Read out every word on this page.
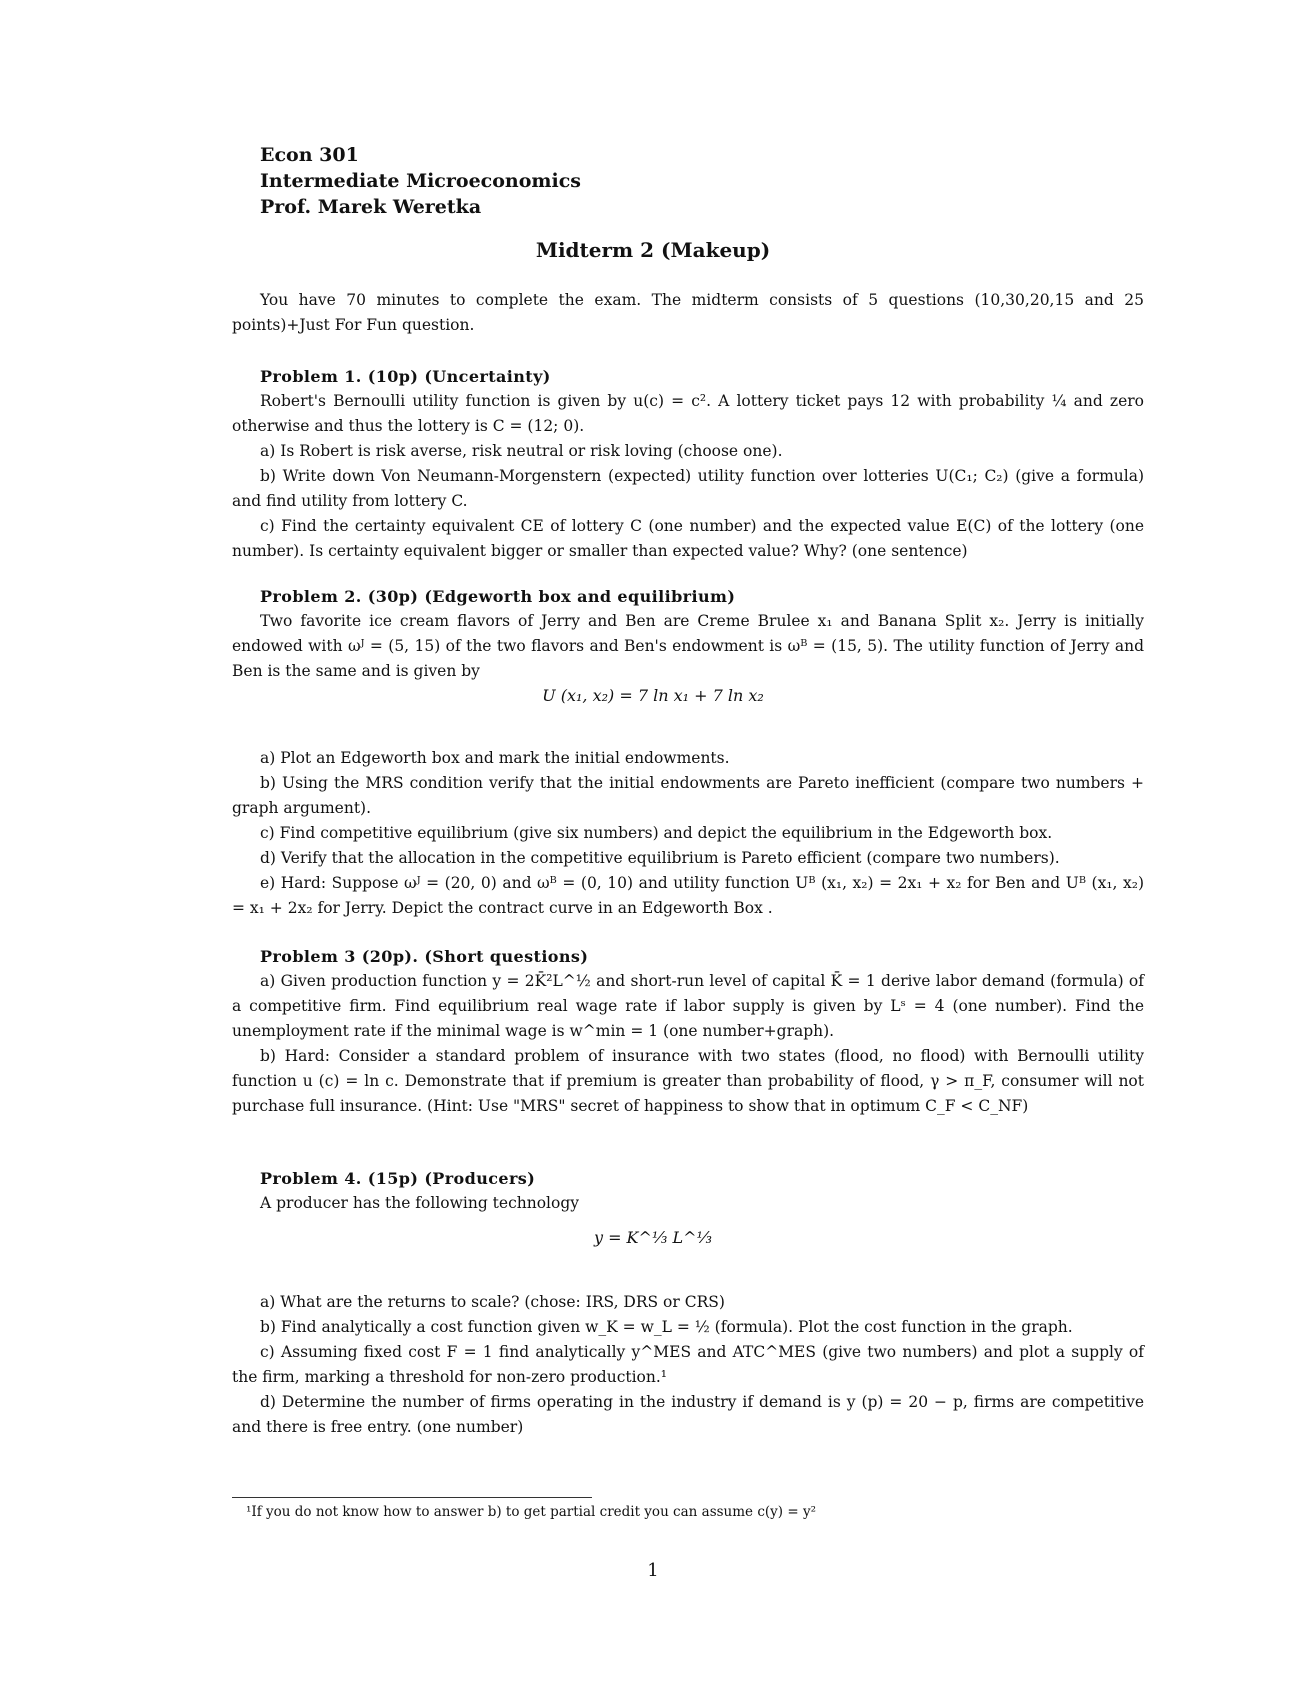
Econ 301
Intermediate Microeconomics
Prof. Marek Weretka
Midterm 2 (Makeup)

You have 70 minutes to complete the exam. The midterm consists of 5 questions (10,30,20,15 and 25 points)+Just For Fun question.

Problem 1. (10p) (Uncertainty)

Robert's Bernoulli utility function is given by u(c) = c². A lottery ticket pays 12 with probability ¼ and zero otherwise and thus the lottery is C = (12; 0).

a) Is Robert is risk averse, risk neutral or risk loving (choose one).

b) Write down Von Neumann-Morgenstern (expected) utility function over lotteries U(C₁; C₂) (give a formula) and find utility from lottery C.

c) Find the certainty equivalent CE of lottery C (one number) and the expected value E(C) of the lottery (one number). Is certainty equivalent bigger or smaller than expected value? Why? (one sentence)

Problem 2. (30p) (Edgeworth box and equilibrium)

Two favorite ice cream flavors of Jerry and Ben are Creme Brulee x₁ and Banana Split x₂. Jerry is initially endowed with ωᴶ = (5, 15) of the two flavors and Ben's endowment is ωᴮ = (15, 5). The utility function of Jerry and Ben is the same and is given by

U (x₁, x₂) = 7 ln x₁ + 7 ln x₂

a) Plot an Edgeworth box and mark the initial endowments.

b) Using the MRS condition verify that the initial endowments are Pareto inefficient (compare two numbers + graph argument).

c) Find competitive equilibrium (give six numbers) and depict the equilibrium in the Edgeworth box.

d) Verify that the allocation in the competitive equilibrium is Pareto efficient (compare two numbers).

e) Hard: Suppose ωᴶ = (20, 0) and ωᴮ = (0, 10) and utility function Uᴮ (x₁, x₂) = 2x₁ + x₂ for Ben and Uᴮ (x₁, x₂) = x₁ + 2x₂ for Jerry. Depict the contract curve in an Edgeworth Box .

Problem 3 (20p). (Short questions)

a) Given production function y = 2K̄²L^½ and short-run level of capital K̄ = 1 derive labor demand (formula) of a competitive firm. Find equilibrium real wage rate if labor supply is given by Lˢ = 4 (one number). Find the unemployment rate if the minimal wage is w^min = 1 (one number+graph).

b) Hard: Consider a standard problem of insurance with two states (flood, no flood) with Bernoulli utility function u (c) = ln c. Demonstrate that if premium is greater than probability of flood, γ > π_F, consumer will not purchase full insurance. (Hint: Use "MRS" secret of happiness to show that in optimum C_F < C_NF)

Problem 4. (15p) (Producers)

A producer has the following technology

y = K^⅓ L^⅓

a) What are the returns to scale? (chose: IRS, DRS or CRS)

b) Find analytically a cost function given w_K = w_L = ½ (formula). Plot the cost function in the graph.

c) Assuming fixed cost F = 1 find analytically y^MES and ATC^MES (give two numbers) and plot a supply of the firm, marking a threshold for non-zero production.¹

d) Determine the number of firms operating in the industry if demand is y (p) = 20 − p, firms are competitive and there is free entry. (one number)

¹If you do not know how to answer b) to get partial credit you can assume c(y) = y²
1
